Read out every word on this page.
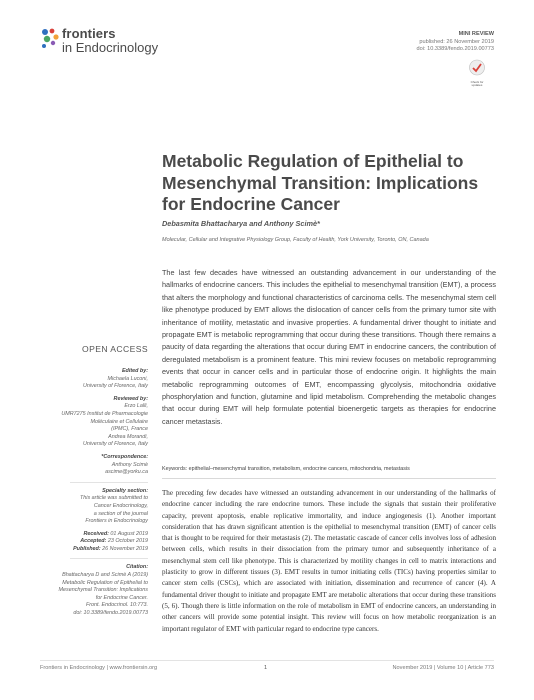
frontiers
in Endocrinology
MINI REVIEW
published: 26 November 2019
doi: 10.3389/fendo.2019.00773
Check for
updates
Metabolic Regulation of Epithelial to Mesenchymal Transition: Implications for Endocrine Cancer
Debasmita Bhattacharya and Anthony Scimè*
Molecular, Cellular and Integrative Physiology Group, Faculty of Health, York University, Toronto, ON, Canada
The last few decades have witnessed an outstanding advancement in our understanding of the hallmarks of endocrine cancers. This includes the epithelial to mesenchymal transition (EMT), a process that alters the morphology and functional characteristics of carcinoma cells. The mesenchymal stem cell like phenotype produced by EMT allows the dislocation of cancer cells from the primary tumor site with inheritance of motility, metastatic and invasive properties. A fundamental driver thought to initiate and propagate EMT is metabolic reprogramming that occur during these transitions. Though there remains a paucity of data regarding the alterations that occur during EMT in endocrine cancers, the contribution of deregulated metabolism is a prominent feature. This mini review focuses on metabolic reprogramming events that occur in cancer cells and in particular those of endocrine origin. It highlights the main metabolic reprogramming outcomes of EMT, encompassing glycolysis, mitochondria oxidative phosphorylation and function, glutamine and lipid metabolism. Comprehending the metabolic changes that occur during EMT will help formulate potential bioenergetic targets as therapies for endocrine cancer metastasis.
Keywords: epithelial–mesenchymal transition, metabolism, endocrine cancers, mitochondria, metastasis
OPEN ACCESS
Edited by:
Michaela Luconi,
University of Florence, Italy
Reviewed by:
Erzo Lalli,
UMR7275 Institut de Pharmacologie
Moléculaire et Cellulaire
(IPMC), France
Andrea Morandi,
University of Florence, Italy
*Correspondence:
Anthony Scimè
ascime@yorku.ca
Specialty section:
This article was submitted to
Cancer Endocrinology,
a section of the journal
Frontiers in Endocrinology
Received: 01 August 2019
Accepted: 23 October 2019
Published: 26 November 2019
Citation:
Bhattacharya D and Scimè A (2019)
Metabolic Regulation of Epithelial to
Mesenchymal Transition: Implications
for Endocrine Cancer.
Front. Endocrinol. 10:773.
doi: 10.3389/fendo.2019.00773
The preceding few decades have witnessed an outstanding advancement in our understanding of the hallmarks of endocrine cancer including the rare endocrine tumors. These include the signals that sustain their proliferative capacity, prevent apoptosis, enable replicative immortality, and induce angiogenesis (1). Another important consideration that has drawn significant attention is the epithelial to mesenchymal transition (EMT) of cancer cells that is thought to be required for their metastasis (2). The metastatic cascade of cancer cells involves loss of adhesion between cells, which results in their dissociation from the primary tumor and subsequently inheritance of a mesenchymal stem cell like phenotype. This is characterized by motility changes in cell to matrix interactions and plasticity to grow in different tissues (3). EMT results in tumor initiating cells (TICs) having properties similar to cancer stem cells (CSCs), which are associated with initiation, dissemination and recurrence of cancer (4). A fundamental driver thought to initiate and propagate EMT are metabolic alterations that occur during these transitions (5, 6). Though there is little information on the role of metabolism in EMT of endocrine cancers, an understanding in other cancers will provide some potential insight. This review will focus on how metabolic reorganization is an important regulator of EMT with particular regard to endocrine type cancers.
Frontiers in Endocrinology | www.frontiersin.org	1	November 2019 | Volume 10 | Article 773
